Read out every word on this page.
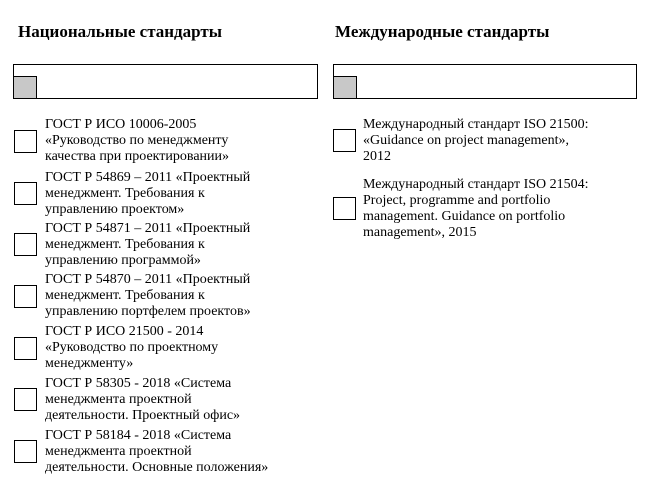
Национальные стандарты
ГОСТ Р ИСО 10006-2005
«Руководство по менеджменту
качества при проектировании»
ГОСТ Р 54869 – 2011 «Проектный
менеджмент. Требования к
управлению проектом»
ГОСТ Р 54871 – 2011 «Проектный
менеджмент. Требования к
управлению программой»
ГОСТ Р 54870 – 2011 «Проектный
менеджмент. Требования к
управлению портфелем проектов»
ГОСТ Р ИСО 21500 - 2014
«Руководство по проектному
менеджменту»
ГОСТ Р 58305 - 2018 «Система
менеджмента проектной
деятельности. Проектный офис»
ГОСТ Р 58184 - 2018 «Система
менеджмента проектной
деятельности. Основные положения»
Международные стандарты
Международный стандарт ISO 21500:
«Guidance on project management»,
2012
Международный стандарт ISO 21504:
Project, programme and portfolio
management. Guidance on portfolio
management», 2015
